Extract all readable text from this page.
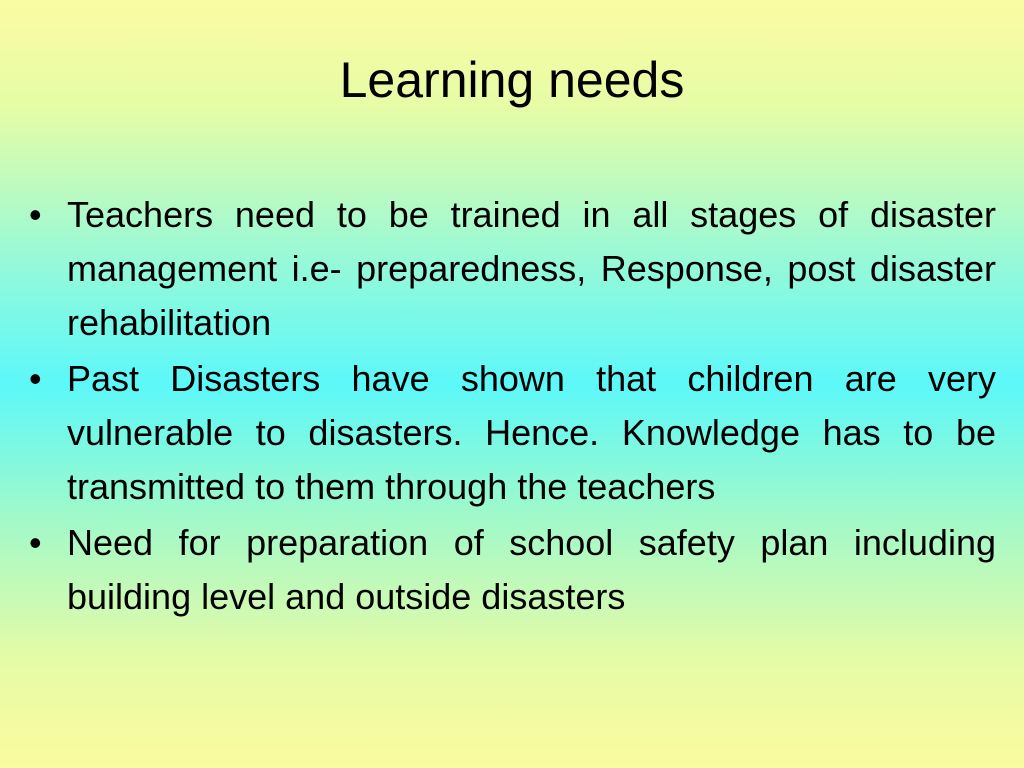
Learning needs
• Teachers need to be trained in all stages of disaster management i.e- preparedness, Response, post disaster rehabilitation
• Past Disasters have shown that children are very vulnerable to disasters. Hence. Knowledge has to be transmitted to them through the teachers
• Need for preparation of school safety plan including building level and outside disasters
